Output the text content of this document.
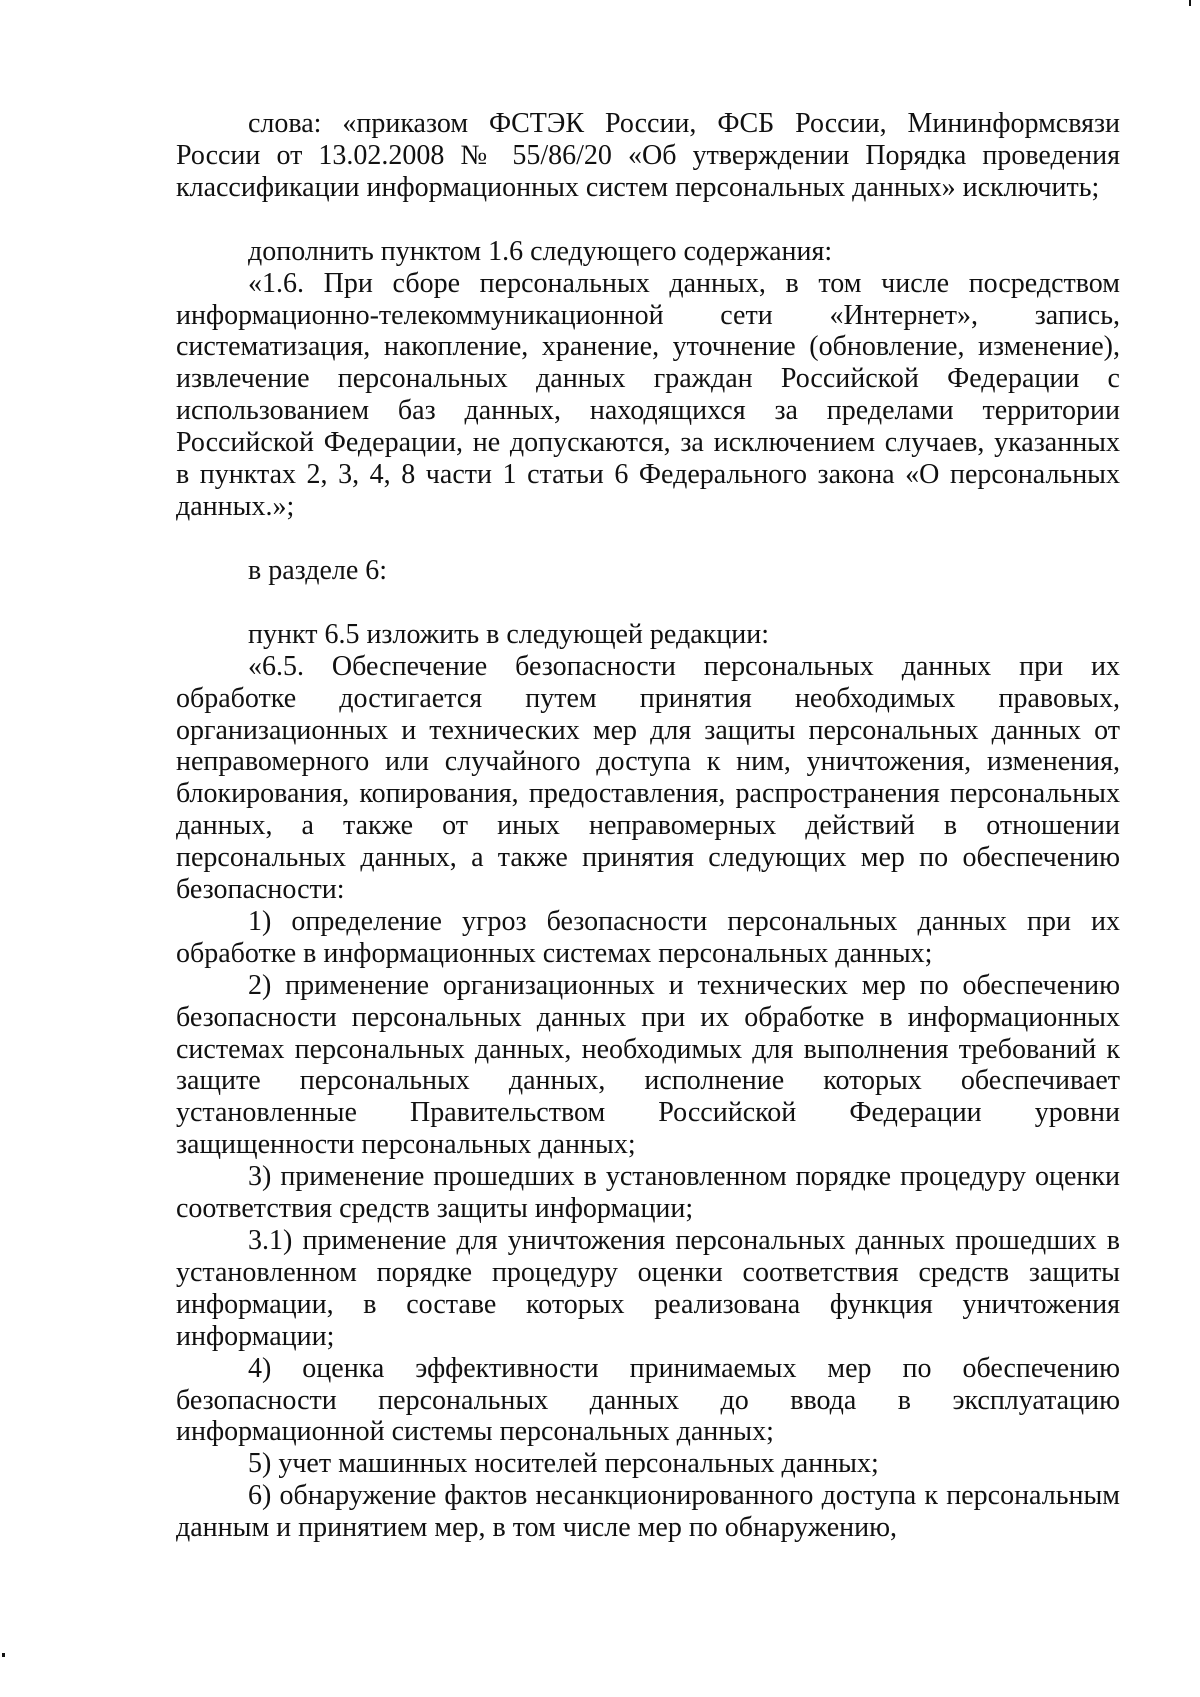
слова: «приказом ФСТЭК России, ФСБ России, Мининформсвязи России от 13.02.2008 № 55/86/20 «Об утверждении Порядка проведения классификации информационных систем персональных данных» исключить;

дополнить пунктом 1.6 следующего содержания:

«1.6. При сборе персональных данных, в том числе посредством информационно-телекоммуникационной сети «Интернет», запись, систематизация, накопление, хранение, уточнение (обновление, изменение), извлечение персональных данных граждан Российской Федерации с использованием баз данных, находящихся за пределами территории Российской Федерации, не допускаются, за исключением случаев, указанных в пунктах 2, 3, 4, 8 части 1 статьи 6 Федерального закона «О персональных данных.»;

в разделе 6:

пункт 6.5 изложить в следующей редакции:

«6.5. Обеспечение безопасности персональных данных при их обработке достигается путем принятия необходимых правовых, организационных и технических мер для защиты персональных данных от неправомерного или случайного доступа к ним, уничтожения, изменения, блокирования, копирования, предоставления, распространения персональных данных, а также от иных неправомерных действий в отношении персональных данных, а также принятия следующих мер по обеспечению безопасности:

1) определение угроз безопасности персональных данных при их обработке в информационных системах персональных данных;

2) применение организационных и технических мер по обеспечению безопасности персональных данных при их обработке в информационных системах персональных данных, необходимых для выполнения требований к защите персональных данных, исполнение которых обеспечивает установленные Правительством Российской Федерации уровни защищенности персональных данных;

3) применение прошедших в установленном порядке процедуру оценки соответствия средств защиты информации;

3.1) применение для уничтожения персональных данных прошедших в установленном порядке процедуру оценки соответствия средств защиты информации, в составе которых реализована функция уничтожения информации;

4) оценка эффективности принимаемых мер по обеспечению безопасности персональных данных до ввода в эксплуатацию информационной системы персональных данных;

5) учет машинных носителей персональных данных;

6) обнаружение фактов несанкционированного доступа к персональным данным и принятием мер, в том числе мер по обнаружению,
